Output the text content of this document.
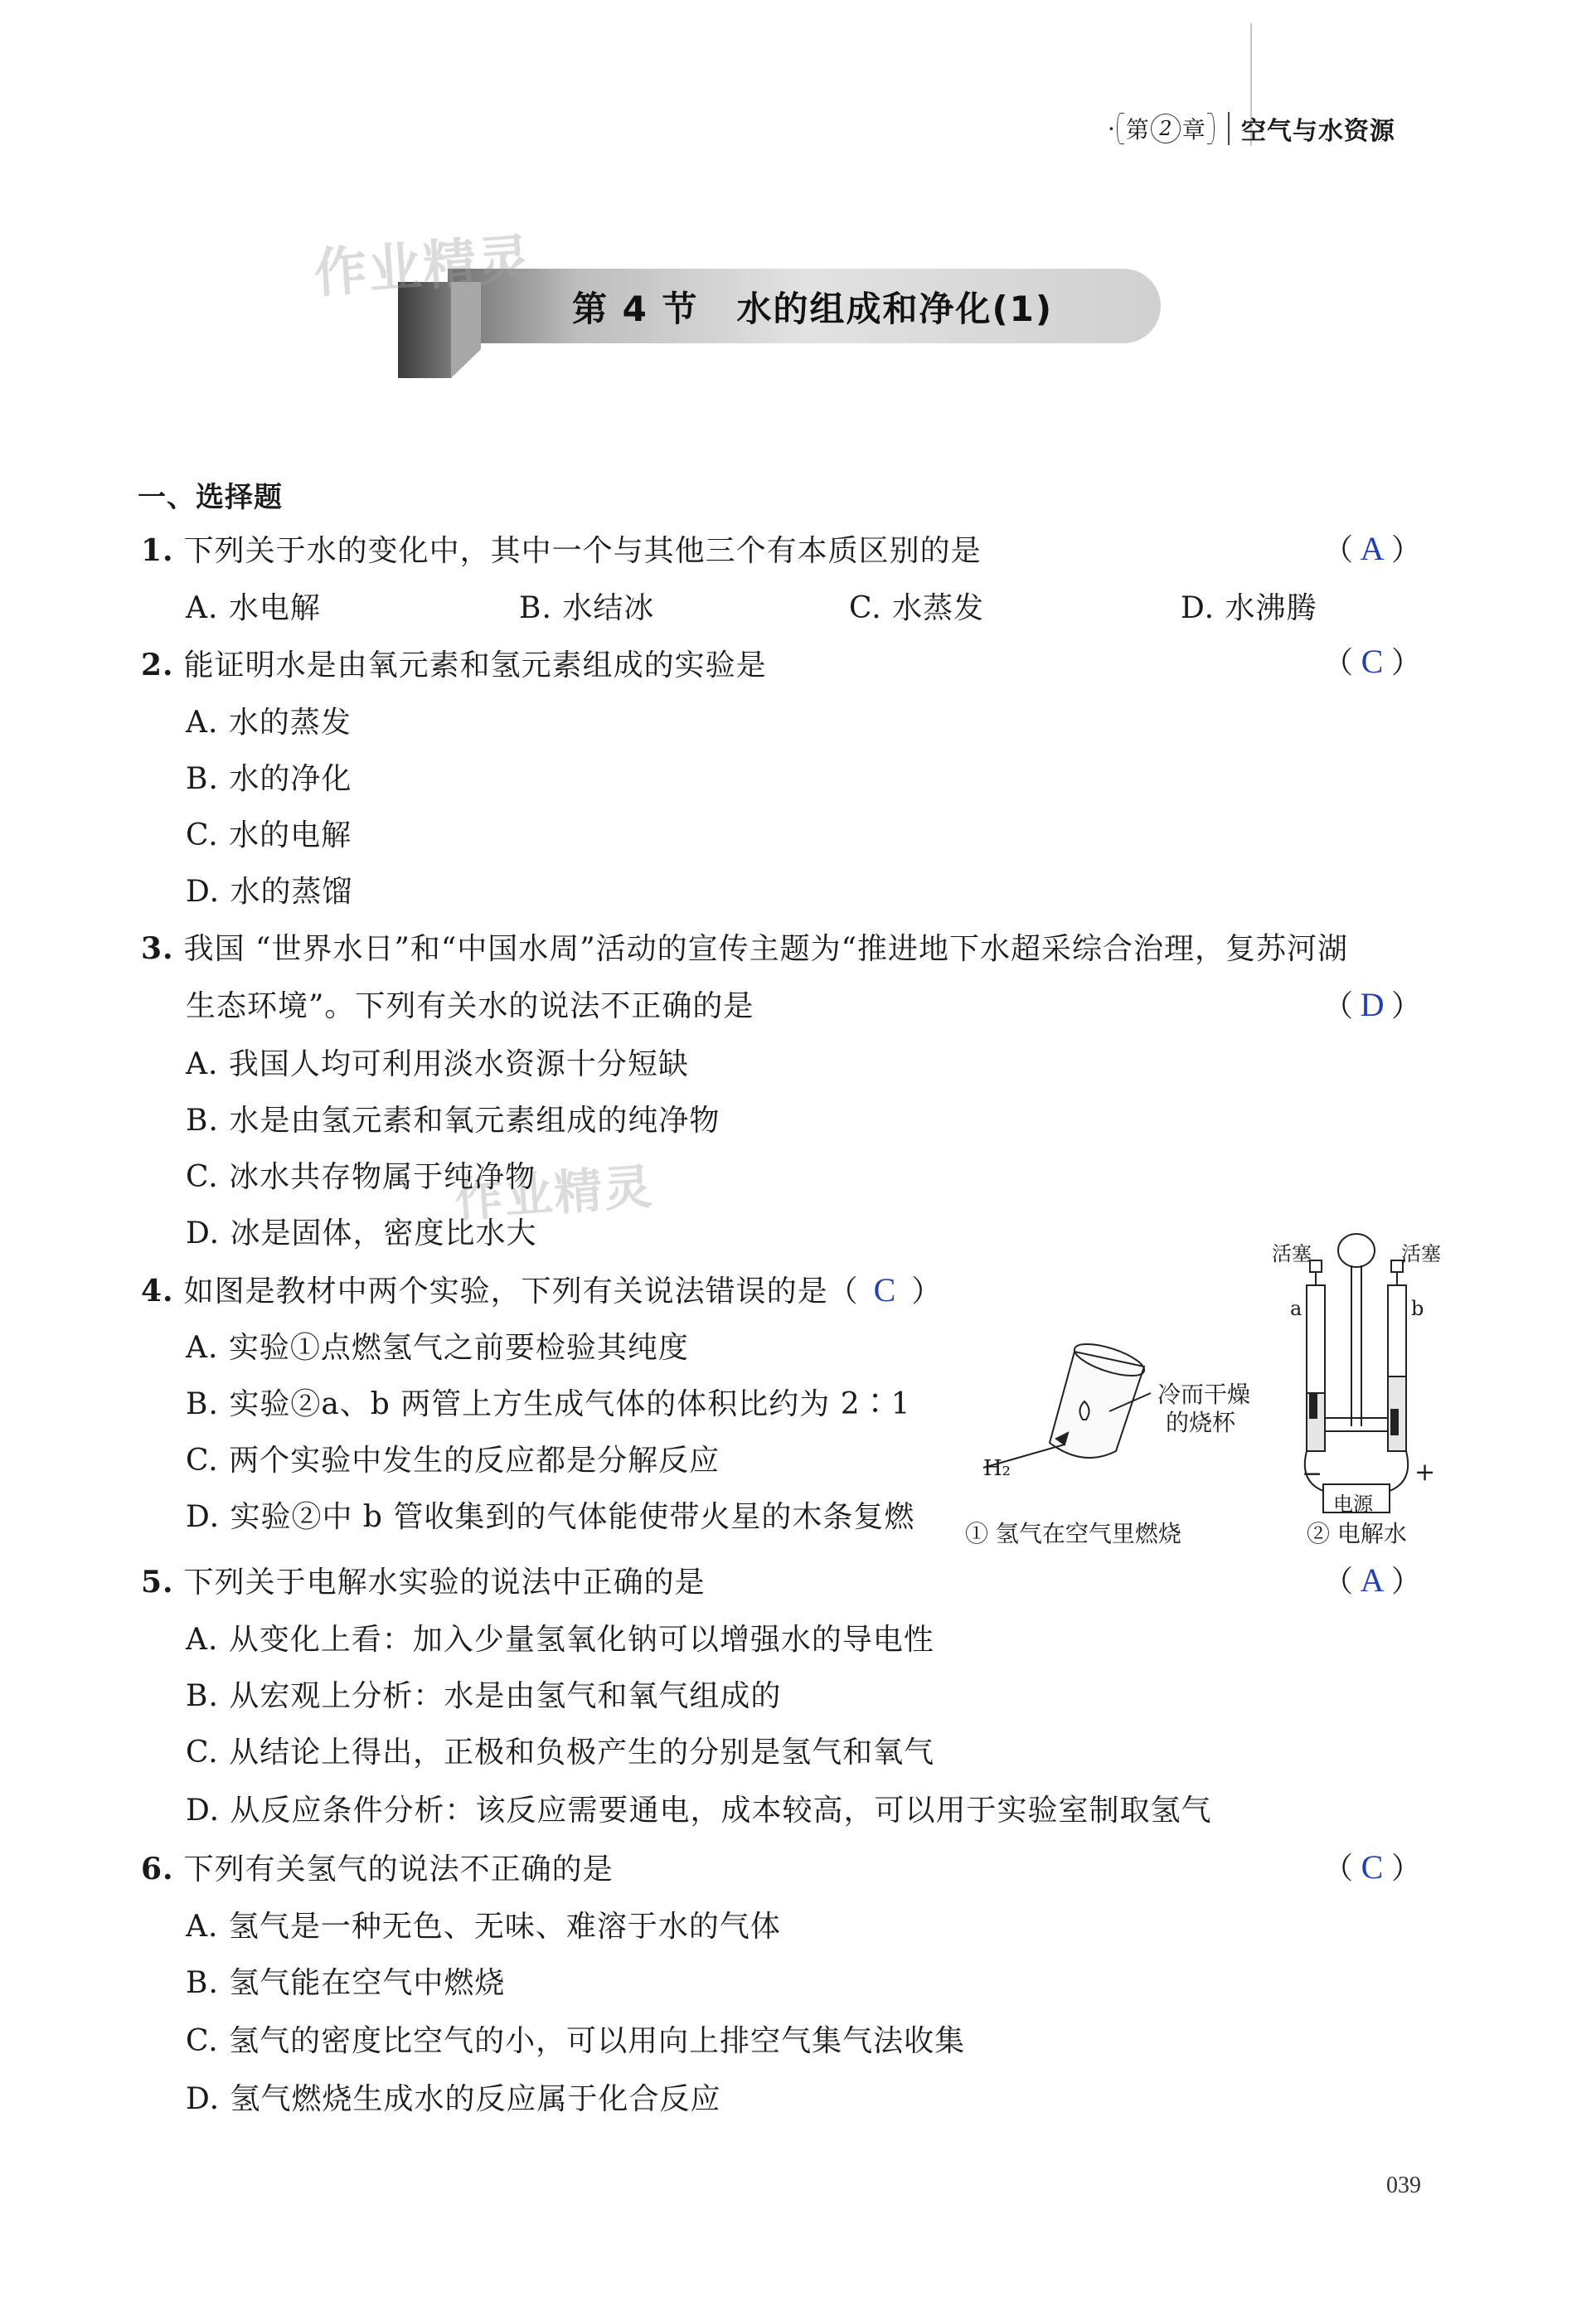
· 第 2 章 空气与水资源
第 4 节 水的组成和净化(1)
作业精灵
作业精灵
一、选择题
1. 下列关于水的变化中，其中一个与其他三个有本质区别的是	（ A ）
A. 水电解	B. 水结冰	C. 水蒸发	D. 水沸腾
2. 能证明水是由氧元素和氢元素组成的实验是	（ C ）
A. 水的蒸发
B. 水的净化
C. 水的电解
D. 水的蒸馏
3. 我国 “世界水日”和“中国水周”活动的宣传主题为“推进地下水超采综合治理，复苏河湖
生态环境”。下列有关水的说法不正确的是	（ D ）
A. 我国人均可利用淡水资源十分短缺
B. 水是由氢元素和氧元素组成的纯净物
C. 冰水共存物属于纯净物
D. 冰是固体，密度比水大
4. 如图是教材中两个实验，下列有关说法错误的是（ C ）
A. 实验①点燃氢气之前要检验其纯度
B. 实验②a、b 两管上方生成气体的体积比约为 2∶1
C. 两个实验中发生的反应都是分解反应
D. 实验②中 b 管收集到的气体能使带火星的木条复燃
H₂
冷而干燥
的烧杯
① 氢气在空气里燃烧
活塞	活塞
a	b
−	+
电源
② 电解水
5. 下列关于电解水实验的说法中正确的是	（ A ）
A. 从变化上看：加入少量氢氧化钠可以增强水的导电性
B. 从宏观上分析：水是由氢气和氧气组成的
C. 从结论上得出，正极和负极产生的分别是氢气和氧气
D. 从反应条件分析：该反应需要通电，成本较高，可以用于实验室制取氢气
6. 下列有关氢气的说法不正确的是	（ C ）
A. 氢气是一种无色、无味、难溶于水的气体
B. 氢气能在空气中燃烧
C. 氢气的密度比空气的小，可以用向上排空气集气法收集
D. 氢气燃烧生成水的反应属于化合反应
039
